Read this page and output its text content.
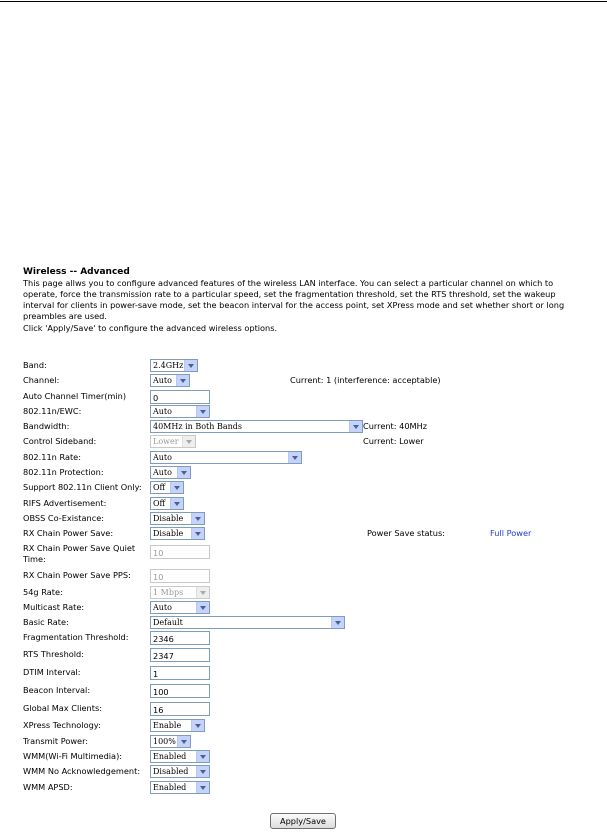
Wireless -- Advanced
This page allws you to configure advanced features of the wireless LAN interface. You can select a particular channel on which to operate, force the transmission rate to a particular speed, set the fragmentation threshold, set the RTS threshold, set the wakeup interval for clients in power-save mode, set the beacon interval for the access point, set XPress mode and set whether short or long preambles are used.
Click 'Apply/Save' to configure the advanced wireless options.
Band:	2.4GHz
Channel:	Auto	Current: 1 (interference: acceptable)
Auto Channel Timer(min)	0
802.11n/EWC:	Auto
Bandwidth:	40MHz in Both Bands	Current: 40MHz
Control Sideband:	Lower	Current: Lower
802.11n Rate:	Auto
802.11n Protection:	Auto
Support 802.11n Client Only:	Off
RIFS Advertisement:	Off
OBSS Co-Existance:	Disable
RX Chain Power Save:	Disable	Power Save status:	Full Power
RX Chain Power Save Quiet Time:
10
RX Chain Power Save PPS:	10
54g Rate:	1 Mbps
Multicast Rate:	Auto
Basic Rate:	Default
Fragmentation Threshold:	2346
RTS Threshold:	2347
DTIM Interval:	1
Beacon Interval:	100
Global Max Clients:	16
XPress Technology:	Enable
Transmit Power:	100%
WMM(Wi-Fi Multimedia):	Enabled
WMM No Acknowledgement:	Disabled
WMM APSD:	Enabled
Apply/Save
